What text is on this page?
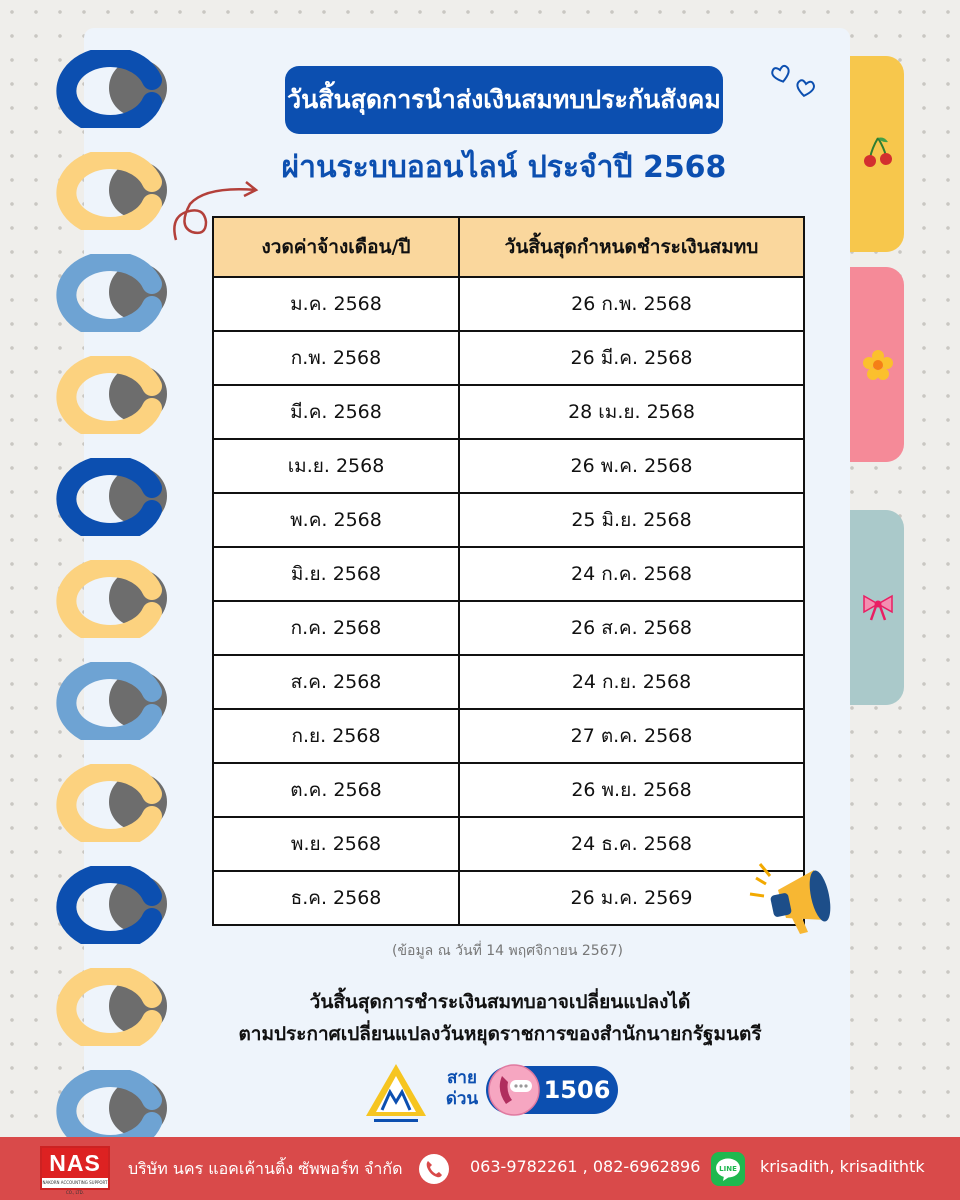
วันสิ้นสุดการนำส่งเงินสมทบประกันสังคม
ผ่านระบบออนไลน์ ประจำปี 2568
งวดค่าจ้างเดือน/ปี	วันสิ้นสุดกำหนดชำระเงินสมทบ
ม.ค. 2568	26 ก.พ. 2568
ก.พ. 2568	26 มี.ค. 2568
มี.ค. 2568	28 เม.ย. 2568
เม.ย. 2568	26 พ.ค. 2568
พ.ค. 2568	25 มิ.ย. 2568
มิ.ย. 2568	24 ก.ค. 2568
ก.ค. 2568	26 ส.ค. 2568
ส.ค. 2568	24 ก.ย. 2568
ก.ย. 2568	27 ต.ค. 2568
ต.ค. 2568	26 พ.ย. 2568
พ.ย. 2568	24 ธ.ค. 2568
ธ.ค. 2568	26 ม.ค. 2569
(ข้อมูล ณ วันที่ 14 พฤศจิกายน 2567)
วันสิ้นสุดการชำระเงินสมทบอาจเปลี่ยนแปลงได้
ตามประกาศเปลี่ยนแปลงวันหยุดราชการของสำนักนายกรัฐมนตรี
สาย
ด่วน	1506
NAS
NAKORN ACCOUNTING SUPPORT CO., LTD.
บริษัท นคร แอคเค้านติ้ง ซัพพอร์ท จำกัด	063-9782261 , 082-6962896	LINE krisadith, krisadithtk
